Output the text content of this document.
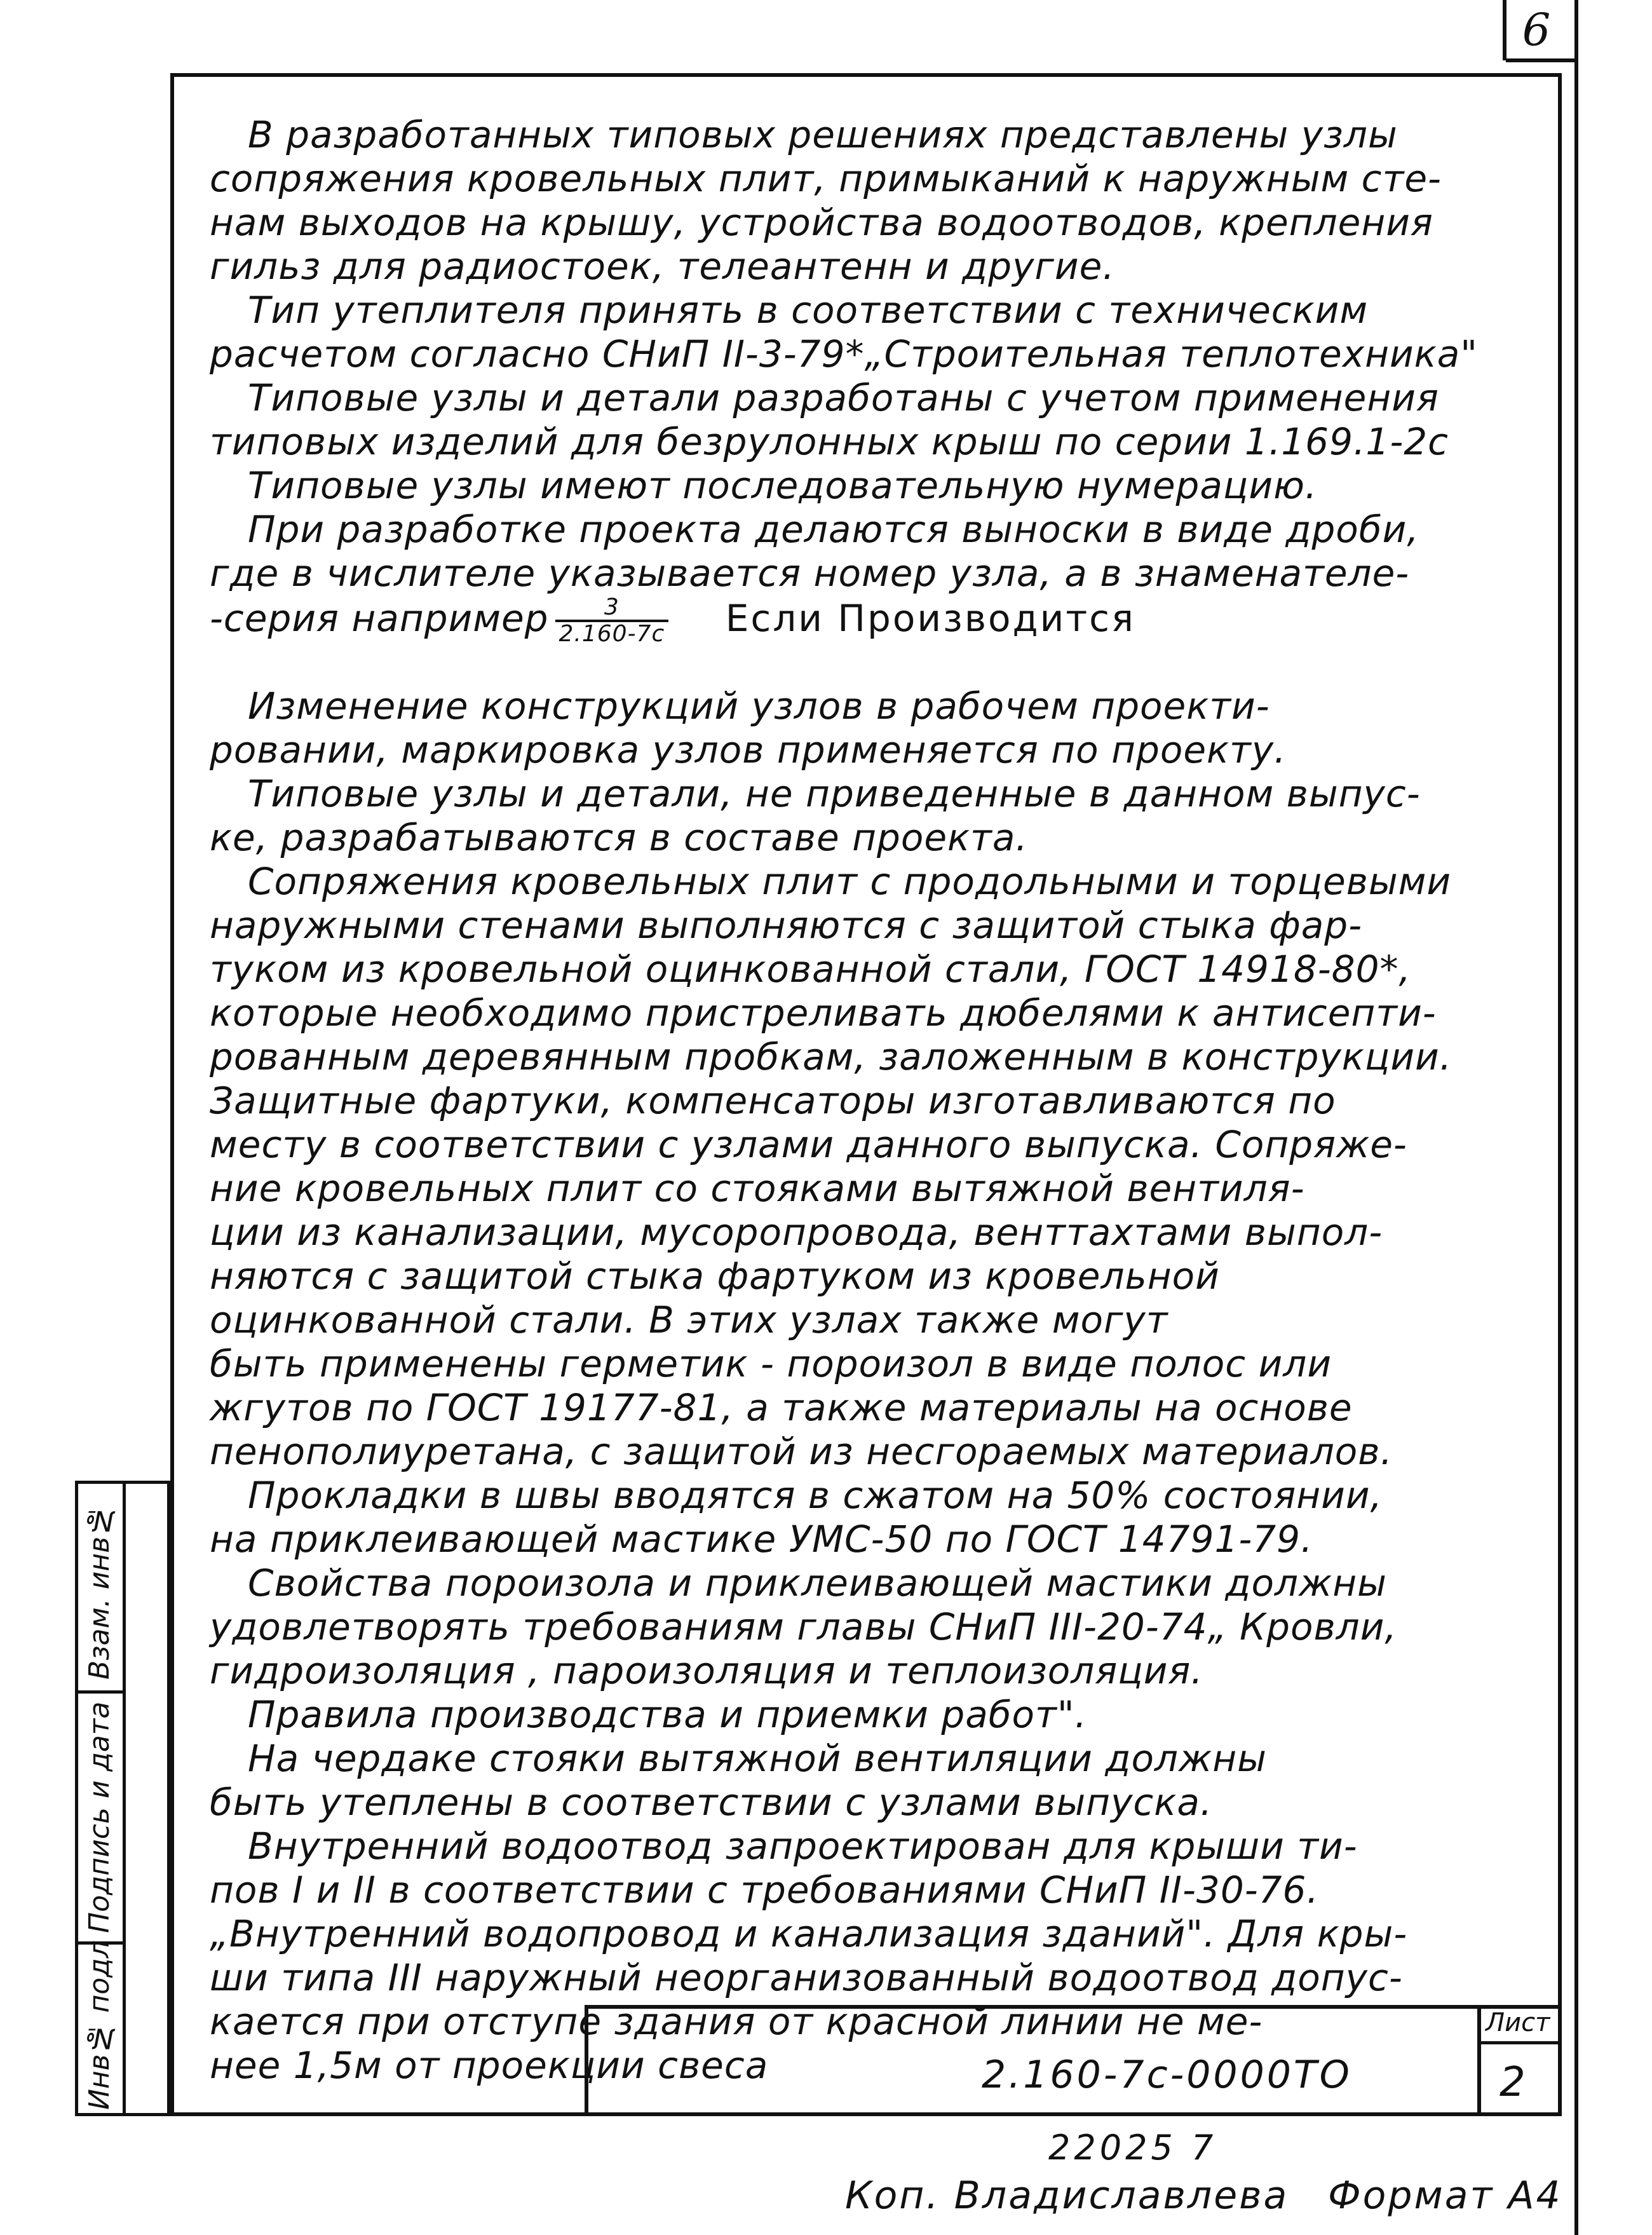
6
В разработанных типовых решениях представлены узлы
сопряжения кровельных плит, примыканий к наружным сте-
нам выходов на крышу, устройства водоотводов, крепления
гильз для радиостоек, телеантенн и другие.
Тип утеплителя принять в соответствии с техническим
расчетом согласно СНиП II-3-79*„Строительная теплотехника"
Типовые узлы и детали разработаны с учетом применения
типовых изделий для безрулонных крыш по серии 1.169.1-2с
Типовые узлы имеют последовательную нумерацию.
При разработке проекта делаются выноски в виде дроби,
где в числителе указывается номер узла, а в знаменателе-
-серия например $\frac{3}{2.160-7с}$ Если Производится
Изменение конструкций узлов в рабочем проекти-
ровании, маркировка узлов применяется по проекту.
Типовые узлы и детали, не приведенные в данном выпус-
ке, разрабатываются в составе проекта.
Сопряжения кровельных плит с продольными и торцевыми
наружными стенами выполняются с защитой стыка фар-
туком из кровельной оцинкованной стали, ГОСТ 14918-80*,
которые необходимо пристреливать дюбелями к антисепти-
рованным деревянным пробкам, заложенным в конструкции.
Защитные фартуки, компенсаторы изготавливаются по
месту в соответствии с узлами данного выпуска. Сопряже-
ние кровельных плит со стояками вытяжной вентиля-
ции из канализации, мусоропровода, венттахтами выпол-
няются с защитой стыка фартуком из кровельной
оцинкованной стали. В этих узлах также могут
быть применены герметик - пороизол в виде полос или
жгутов по ГОСТ 19177-81, а также материалы на основе
пенополиуретана, с защитой из несгораемых материалов.
Прокладки в швы вводятся в сжатом на 50% состоянии,
на приклеивающей мастике УМС-50 по ГОСТ 14791-79.
Свойства пороизола и приклеивающей мастики должны
удовлетворять требованиям главы СНиП III-20-74„ Кровли,
гидроизоляция , пароизоляция и теплоизоляция.
Правила производства и приемки работ".
На чердаке стояки вытяжной вентиляции должны
быть утеплены в соответствии с узлами выпуска.
Внутренний водоотвод запроектирован для крыши ти-
пов I и II в соответствии с требованиями СНиП II-30-76.
„Внутренний водопровод и канализация зданий". Для кры-
ши типа III наружный неорганизованный водоотвод допус-
кается при отступе здания от красной линии не ме-
нее 1,5м от проекции свеса
Взам. инв№
Подпись и дата
Инв№ подл	2.160-7с-0000ТО
Лист
2
22025 7
Коп. Владиславлева Формат А4
